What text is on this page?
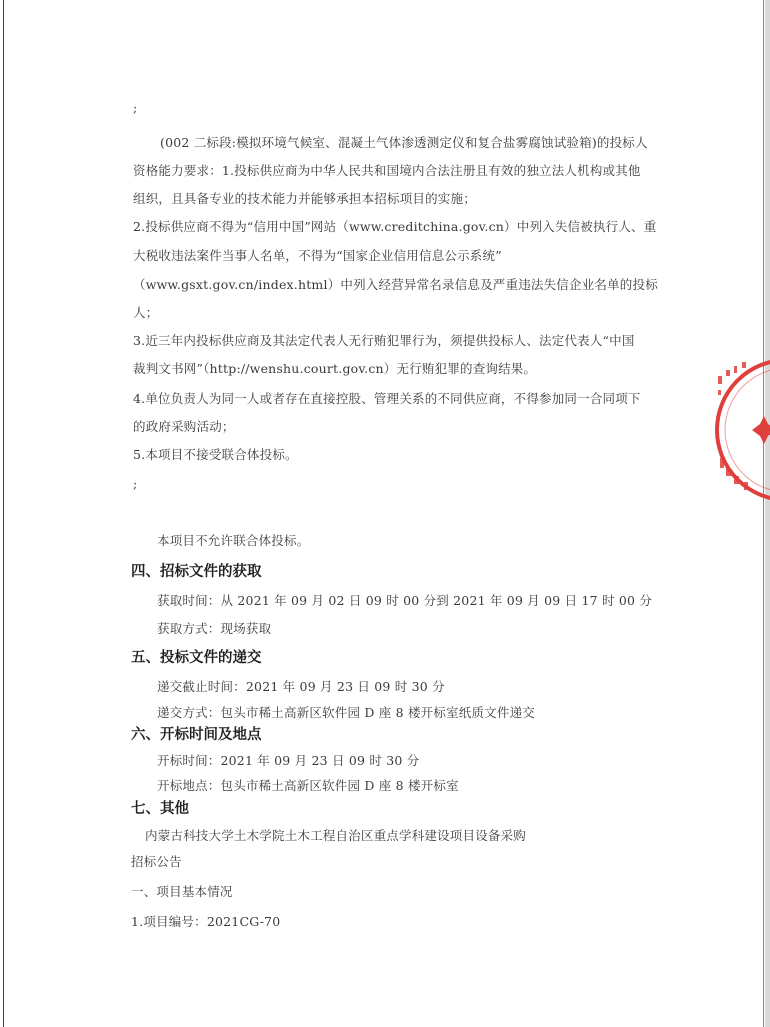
;
(002 二标段:模拟环境气候室、混凝土气体渗透测定仪和复合盐雾腐蚀试验箱)的投标人
资格能力要求：1.投标供应商为中华人民共和国境内合法注册且有效的独立法人机构或其他
组织，且具备专业的技术能力并能够承担本招标项目的实施；
2.投标供应商不得为“信用中国”网站（www.creditchina.gov.cn）中列入失信被执行人、重
大税收违法案件当事人名单，不得为“国家企业信用信息公示系统”
（www.gsxt.gov.cn/index.html）中列入经营异常名录信息及严重违法失信企业名单的投标
人；
3.近三年内投标供应商及其法定代表人无行贿犯罪行为，须提供投标人、法定代表人“中国
裁判文书网”（http://wenshu.court.gov.cn）无行贿犯罪的查询结果。
4.单位负责人为同一人或者存在直接控股、管理关系的不同供应商，不得参加同一合同项下
的政府采购活动；
5.本项目不接受联合体投标。
;
本项目不允许联合体投标。
四、招标文件的获取
获取时间：从 2021 年 09 月 02 日 09 时 00 分到 2021 年 09 月 09 日 17 时 00 分
获取方式：现场获取
五、投标文件的递交
递交截止时间：2021 年 09 月 23 日 09 时 30 分
递交方式：包头市稀土高新区软件园 D 座 8 楼开标室纸质文件递交
六、开标时间及地点
开标时间：2021 年 09 月 23 日 09 时 30 分
开标地点：包头市稀土高新区软件园 D 座 8 楼开标室
七、其他
内蒙古科技大学土木学院土木工程自治区重点学科建设项目设备采购
招标公告
一、项目基本情况
1.项目编号：2021CG-70
